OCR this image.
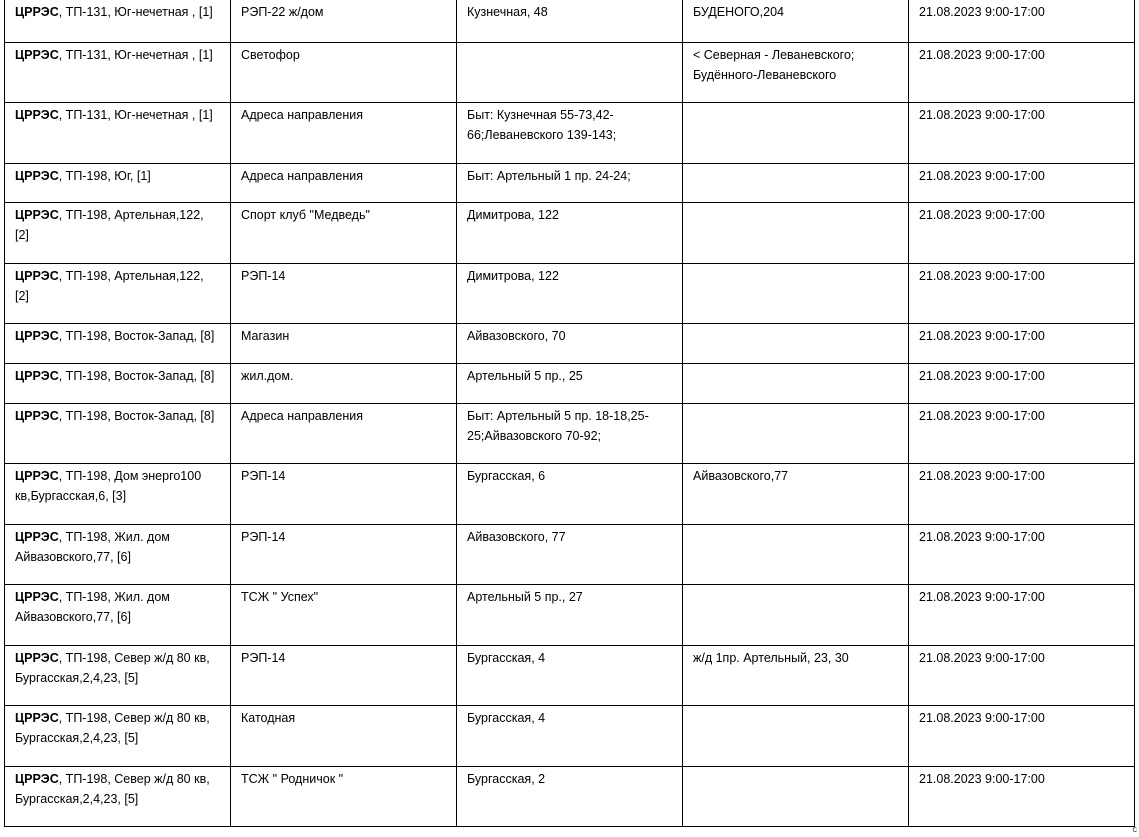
ЦРРЭС, ТП-131, Юг-нечетная , [1]	РЭП-22 ж/дом	Кузнечная, 48	БУДЕНОГО,204	21.08.2023 9:00-17:00
ЦРРЭС, ТП-131, Юг-нечетная , [1]	Светофор		< Северная - Леваневского; Будённого-Леваневского	21.08.2023 9:00-17:00
ЦРРЭС, ТП-131, Юг-нечетная , [1]	Адреса направления	Быт: Кузнечная 55-73,42-66;Леваневского 139-143;		21.08.2023 9:00-17:00
ЦРРЭС, ТП-198, Юг, [1]	Адреса направления	Быт: Артельный 1 пр. 24-24;		21.08.2023 9:00-17:00
ЦРРЭС, ТП-198, Артельная,122, [2]	Спорт клуб "Медведь"	Димитрова, 122		21.08.2023 9:00-17:00
ЦРРЭС, ТП-198, Артельная,122, [2]	РЭП-14	Димитрова, 122		21.08.2023 9:00-17:00
ЦРРЭС, ТП-198, Восток-Запад, [8]	Магазин	Айвазовского, 70		21.08.2023 9:00-17:00
ЦРРЭС, ТП-198, Восток-Запад, [8]	жил.дом.	Артельный 5 пр., 25		21.08.2023 9:00-17:00
ЦРРЭС, ТП-198, Восток-Запад, [8]	Адреса направления	Быт: Артельный 5 пр. 18-18,25-25;Айвазовского 70-92;		21.08.2023 9:00-17:00
ЦРРЭС, ТП-198, Дом энерго100 кв,Бургасская,6, [3]	РЭП-14	Бургасская, 6	Айвазовского,77	21.08.2023 9:00-17:00
ЦРРЭС, ТП-198, Жил. дом Айвазовского,77, [6]	РЭП-14	Айвазовского, 77		21.08.2023 9:00-17:00
ЦРРЭС, ТП-198, Жил. дом Айвазовского,77, [6]	ТСЖ " Успех"	Артельный 5 пр., 27		21.08.2023 9:00-17:00
ЦРРЭС, ТП-198, Север ж/д 80 кв, Бургасская,2,4,23, [5]	РЭП-14	Бургасская, 4	ж/д 1пр. Артельный, 23, 30	21.08.2023 9:00-17:00
ЦРРЭС, ТП-198, Север ж/д 80 кв, Бургасская,2,4,23, [5]	Катодная	Бургасская, 4		21.08.2023 9:00-17:00
ЦРРЭС, ТП-198, Север ж/д 80 кв, Бургасская,2,4,23, [5]	ТСЖ " Родничок "	Бургасская, 2		21.08.2023 9:00-17:00
c
